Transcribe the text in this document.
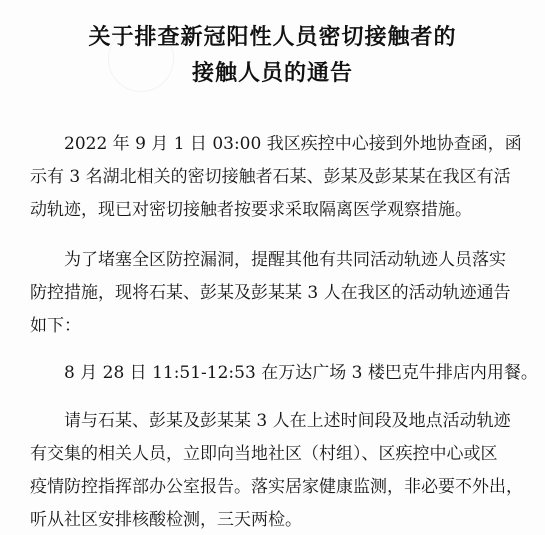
关于排查新冠阳性人员密切接触者的
接触人员的通告
2022 年 9 月 1 日 03:00 我区疾控中心接到外地协查函，函
示有 3 名湖北相关的密切接触者石某、彭某及彭某某在我区有活
动轨迹，现已对密切接触者按要求采取隔离医学观察措施。
为了堵塞全区防控漏洞，提醒其他有共同活动轨迹人员落实
防控措施，现将石某、彭某及彭某某 3 人在我区的活动轨迹通告
如下：
8 月 28 日 11:51-12:53 在万达广场 3 楼巴克牛排店内用餐。
请与石某、彭某及彭某某 3 人在上述时间段及地点活动轨迹
有交集的相关人员，立即向当地社区（村组）、区疾控中心或区
疫情防控指挥部办公室报告。落实居家健康监测，非必要不外出，
听从社区安排核酸检测，三天两检。
